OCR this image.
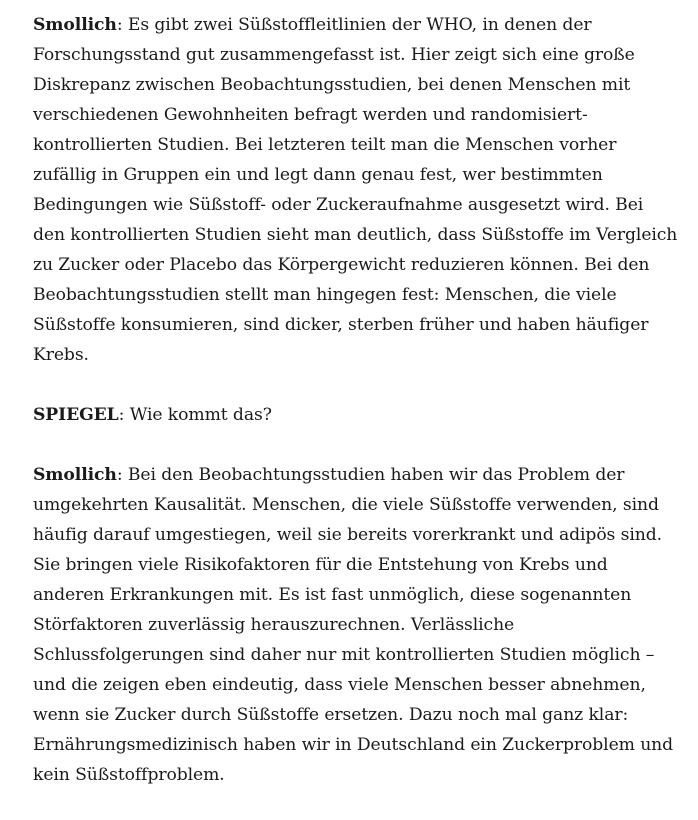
Smollich: Es gibt zwei Süßstoffleitlinien der WHO, in denen der Forschungsstand gut zusammengefasst ist. Hier zeigt sich eine große Diskrepanz zwischen Beobachtungsstudien, bei denen Menschen mit verschiedenen Gewohnheiten befragt werden und randomisiert-kontrollierten Studien. Bei letzteren teilt man die Menschen vorher zufällig in Gruppen ein und legt dann genau fest, wer bestimmten Bedingungen wie Süßstoff- oder Zuckeraufnahme ausgesetzt wird. Bei den kontrollierten Studien sieht man deutlich, dass Süßstoffe im Vergleich zu Zucker oder Placebo das Körpergewicht reduzieren können. Bei den Beobachtungsstudien stellt man hingegen fest: Menschen, die viele Süßstoffe konsumieren, sind dicker, sterben früher und haben häufiger Krebs.

SPIEGEL: Wie kommt das?

Smollich: Bei den Beobachtungsstudien haben wir das Problem der umgekehrten Kausalität. Menschen, die viele Süßstoffe verwenden, sind häufig darauf umgestiegen, weil sie bereits vorerkrankt und adipös sind. Sie bringen viele Risikofaktoren für die Entstehung von Krebs und anderen Erkrankungen mit. Es ist fast unmöglich, diese sogenannten Störfaktoren zuverlässig herauszurechnen. Verlässliche Schlussfolgerungen sind daher nur mit kontrollierten Studien möglich – und die zeigen eben eindeutig, dass viele Menschen besser abnehmen, wenn sie Zucker durch Süßstoffe ersetzen. Dazu noch mal ganz klar: Ernährungsmedizinisch haben wir in Deutschland ein Zuckerproblem und kein Süßstoffproblem.
